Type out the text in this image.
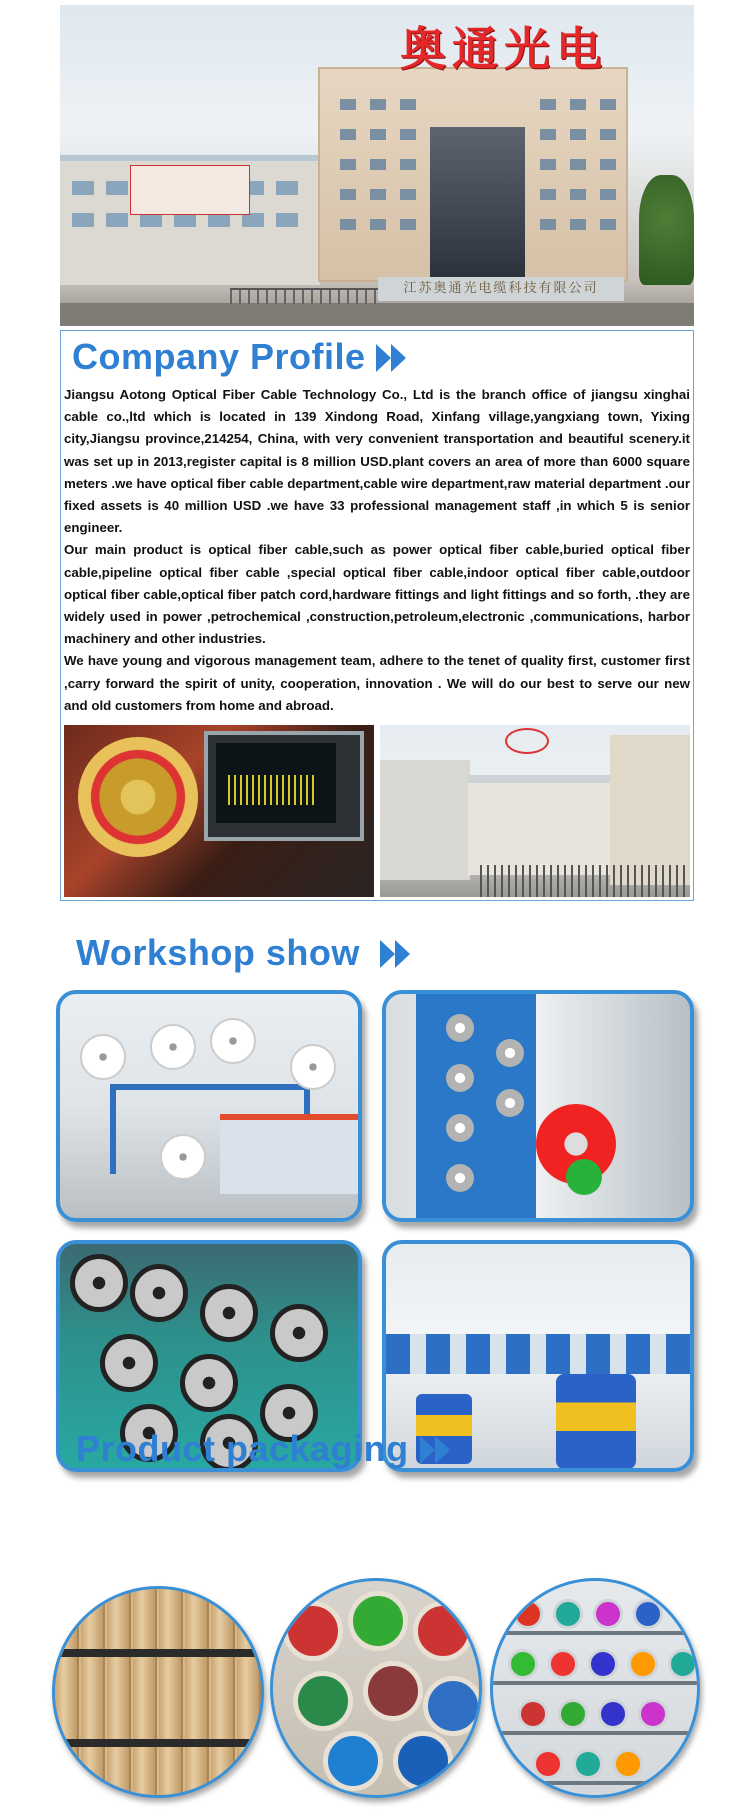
奥通光电
江苏奥通光电缆科技有限公司
Company Profile

Jiangsu Aotong Optical Fiber Cable Technology Co., Ltd is the branch office of jiangsu xinghai cable co.,ltd which is located in 139 Xindong Road, Xinfang village,yangxiang town, Yixing city,Jiangsu province,214254, China, with very convenient transportation and beautiful scenery.it was set up in 2013,register capital is 8 million USD.plant covers an area of more than 6000 square meters .we have optical fiber cable department,cable wire department,raw material department .our fixed assets is 40 million USD .we have 33 professional management staff ,in which 5 is senior engineer.

Our main product is optical fiber cable,such as power optical fiber cable,buried optical fiber cable,pipeline optical fiber cable ,special optical fiber cable,indoor optical fiber cable,outdoor optical fiber cable,optical fiber patch cord,hardware fittings and light fittings and so forth, .they are widely used in power ,petrochemical ,construction,petroleum,electronic ,communications, harbor machinery and other industries.

We have young and vigorous management team, adhere to the tenet of quality first, customer first ,carry forward the spirit of unity, cooperation, innovation . We will do our best to serve our new and old customers from home and abroad.

Workshop show
Product packaging
